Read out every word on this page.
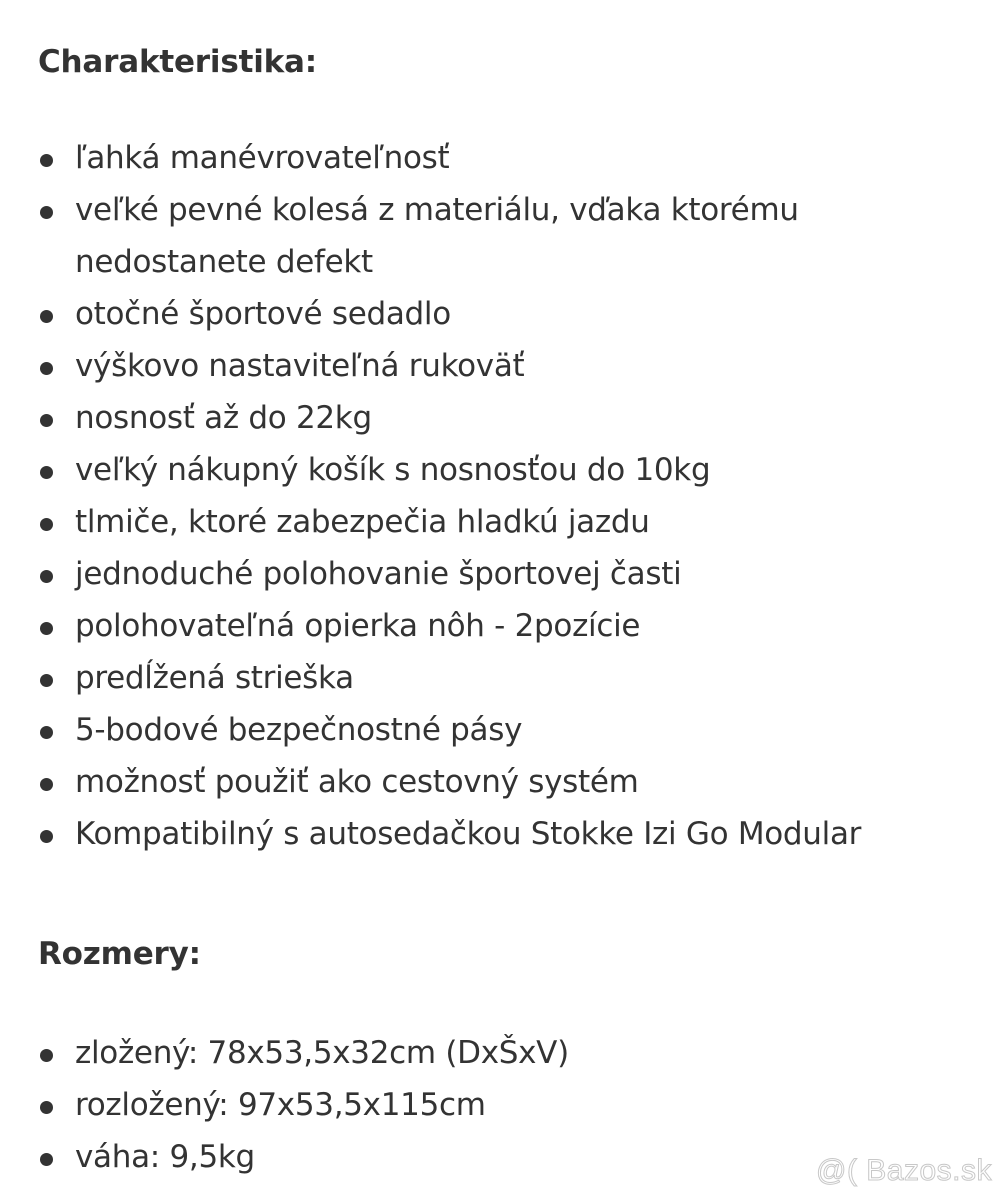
Charakteristika:
ľahká manévrovateľnosť
veľké pevné kolesá z materiálu, vďaka ktorému nedostanete defekt
otočné športové sedadlo
výškovo nastaviteľná rukoväť
nosnosť až do 22kg
veľký nákupný košík s nosnosťou do 10kg
tlmiče, ktoré zabezpečia hladkú jazdu
jednoduché polohovanie športovej časti
polohovateľná opierka nôh - 2pozície
predĺžená strieška
5-bodové bezpečnostné pásy
možnosť použiť ako cestovný systém
Kompatibilný s autosedačkou Stokke Izi Go Modular
Rozmery:
zložený: 78x53,5x32cm (DxŠxV)
rozložený: 97x53,5x115cm
váha: 9,5kg	@( Bazos.sk
